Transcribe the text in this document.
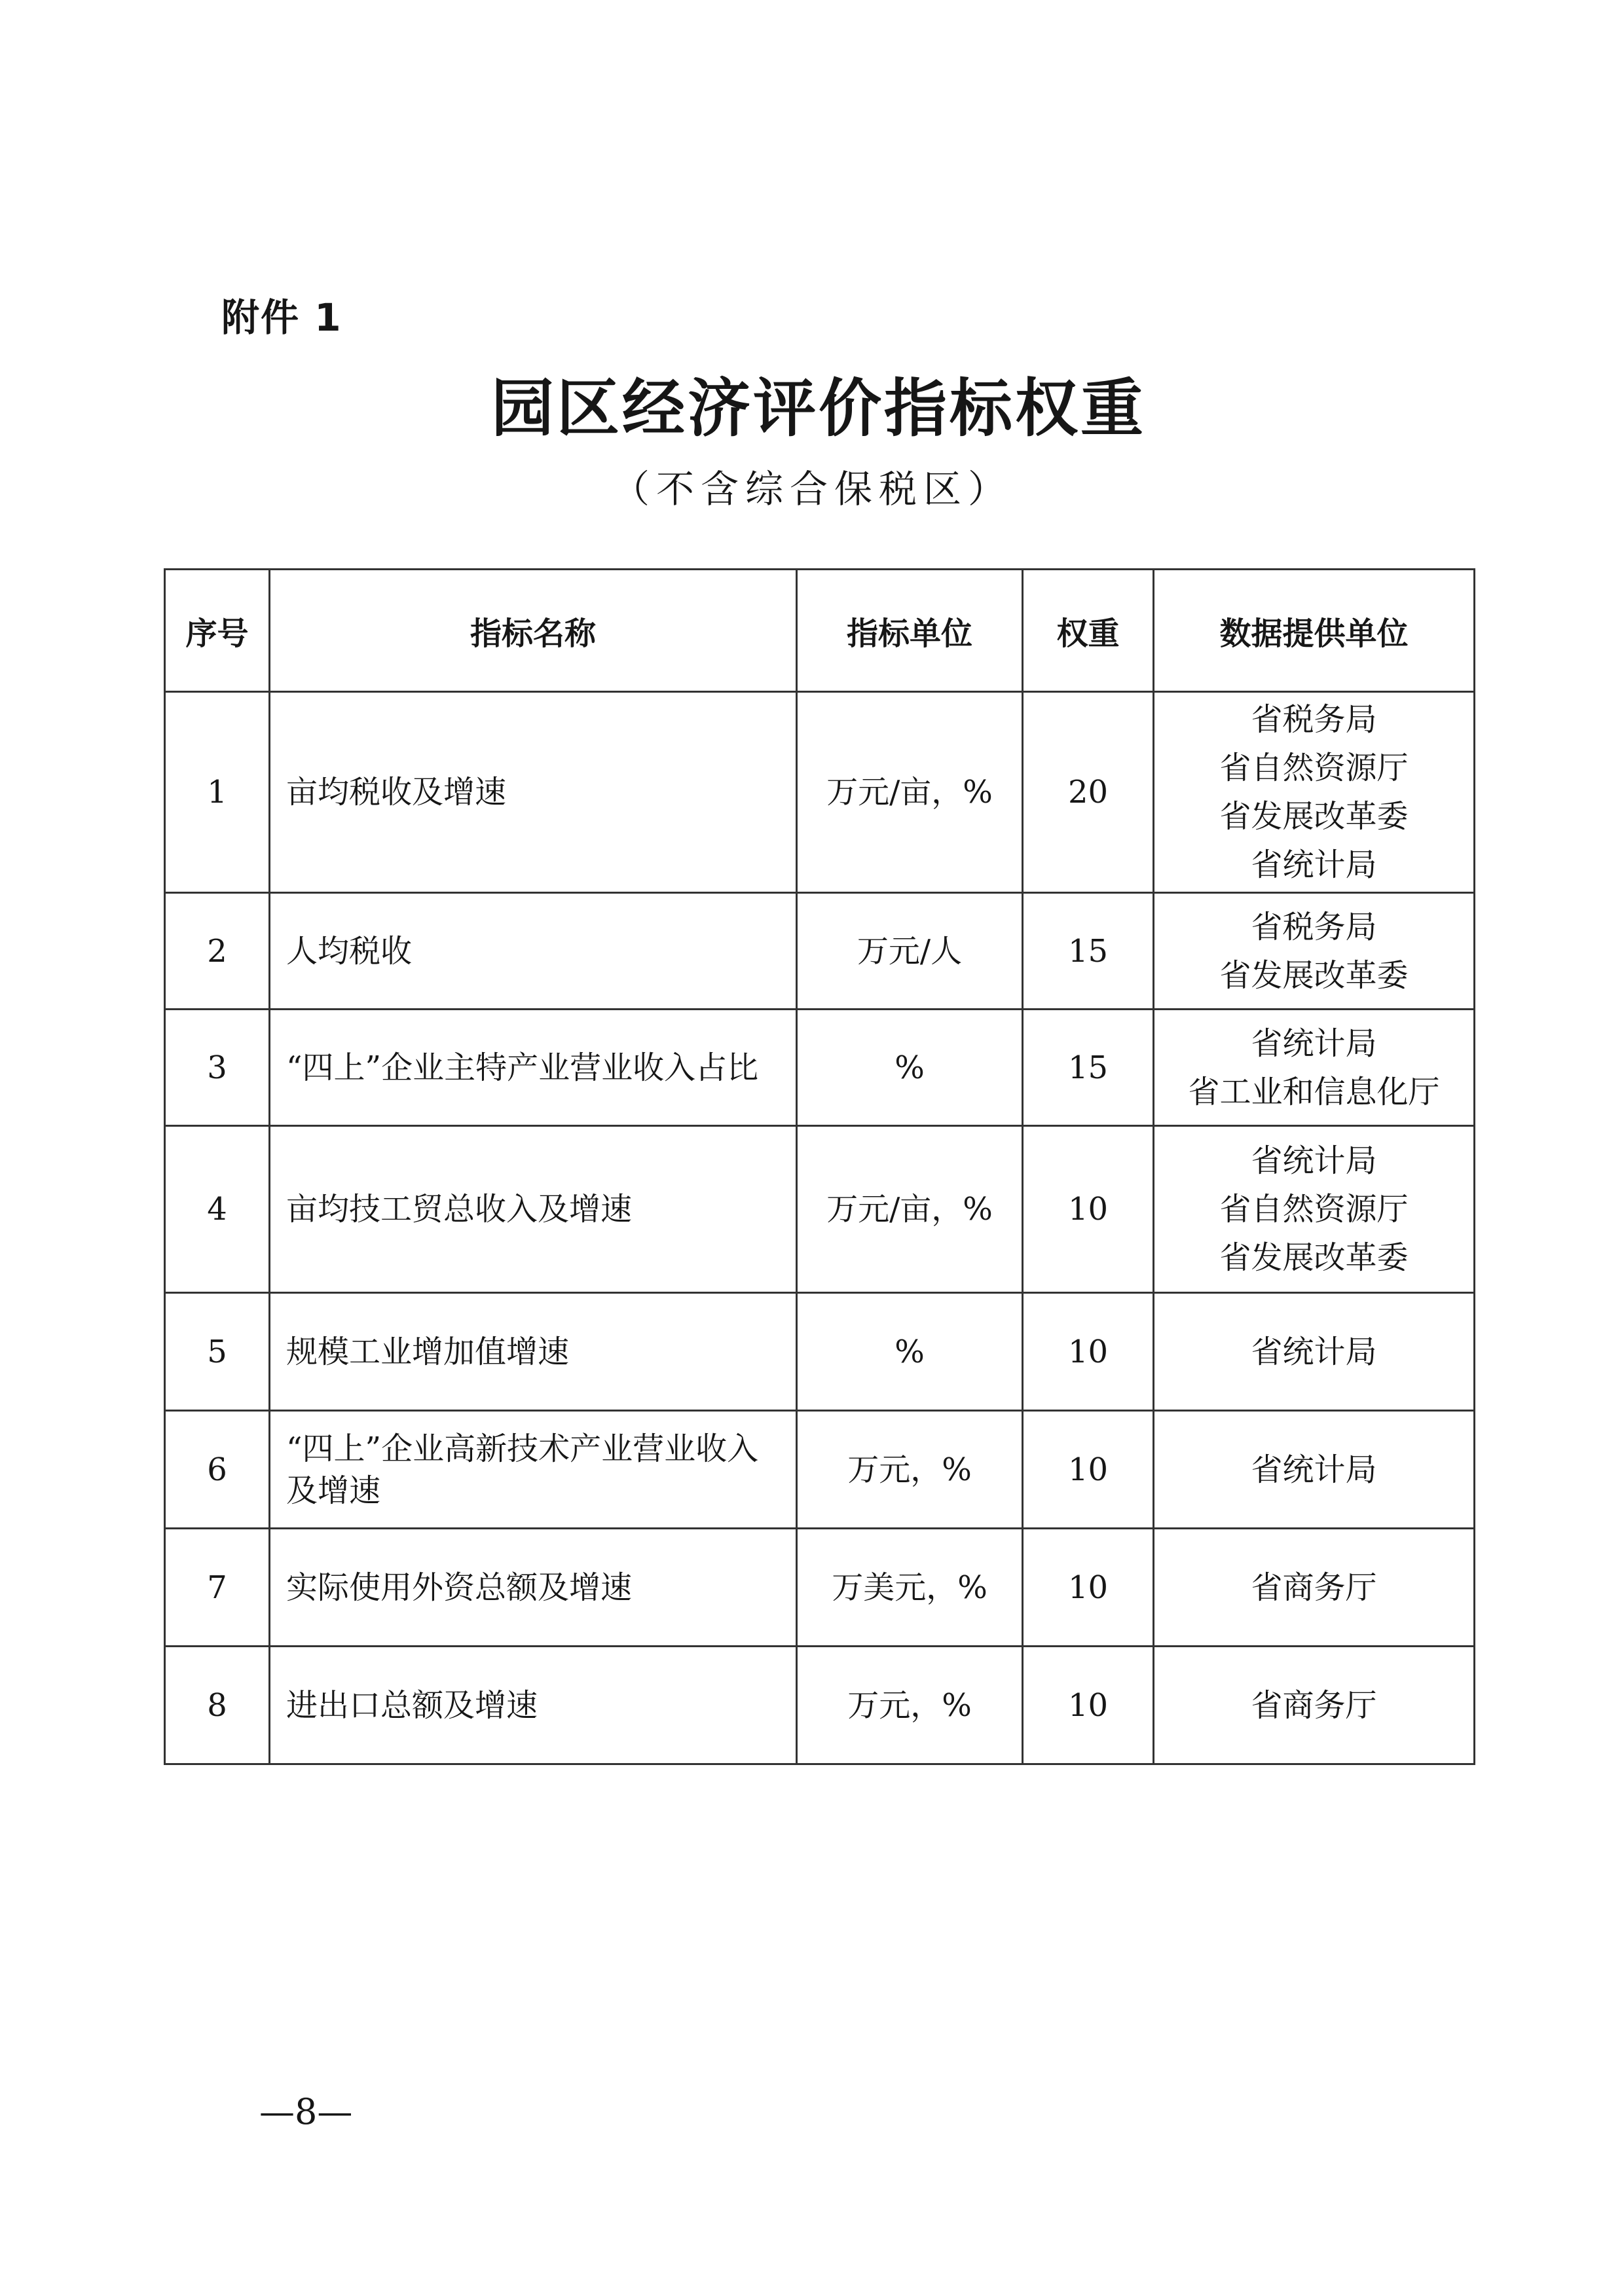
附件 1
园区经济评价指标权重
（不含综合保税区）
序号	指标名称	指标单位	权重	数据提供单位
1	亩均税收及增速	万元/亩，%	20	省税务局
省自然资源厅
省发展改革委
省统计局

2	人均税收	万元/人	15	省税务局
省发展改革委

3	“四上”企业主特产业营业收入占比	%	15	省统计局
省工业和信息化厅

4	亩均技工贸总收入及增速	万元/亩，%	10	省统计局
省自然资源厅
省发展改革委

5	规模工业增加值增速	%	10	省统计局

6	“四上”企业高新技术产业营业收入及增速	万元，%	10	省统计局

7	实际使用外资总额及增速	万美元，%	10	省商务厅

8	进出口总额及增速	万元，%	10	省商务厅
—8—
